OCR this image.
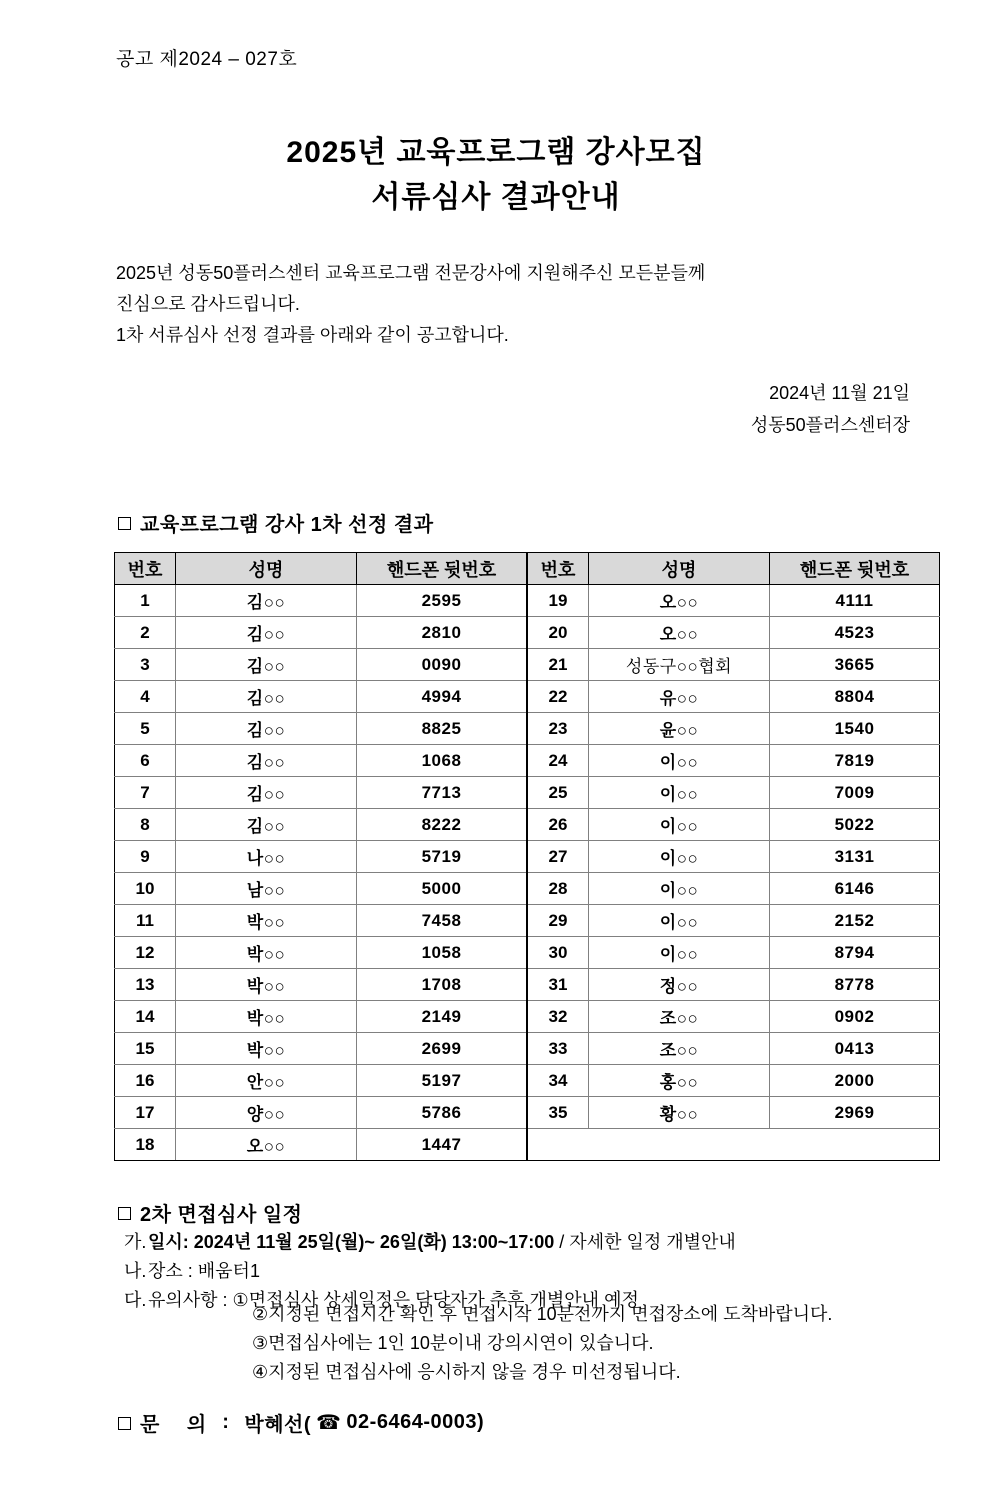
공고 제2024 – 027호
2025년 교육프로그램 강사모집
서류심사 결과안내
2025년 성동50플러스센터 교육프로그램 전문강사에 지원해주신 모든분들께
진심으로 감사드립니다.
1차 서류심사 선정 결과를 아래와 같이 공고합니다.
2024년 11월 21일
성동50플러스센터장
교육프로그램 강사 1차 선정 결과
번호	성명	핸드폰 뒷번호	번호	성명	핸드폰 뒷번호
1	김○○	2595	19	오○○	4111
2	김○○	2810	20	오○○	4523
3	김○○	0090	21	성동구○○협회	3665
4	김○○	4994	22	유○○	8804
5	김○○	8825	23	윤○○	1540
6	김○○	1068	24	이○○	7819
7	김○○	7713	25	이○○	7009
8	김○○	8222	26	이○○	5022
9	나○○	5719	27	이○○	3131
10	남○○	5000	28	이○○	6146
11	박○○	7458	29	이○○	2152
12	박○○	1058	30	이○○	8794
13	박○○	1708	31	정○○	8778
14	박○○	2149	32	조○○	0902
15	박○○	2699	33	조○○	0413
16	안○○	5197	34	홍○○	2000
17	양○○	5786	35	황○○	2969
18	오○○	1447			
2차 면접심사 일정
가.일시: 2024년 11월 25일(월)~ 26일(화) 13:00~17:00 / 자세한 일정 개별안내
나.장소 : 배움터1
다.유의사항 : ①면접심사 상세일정은 담당자가 추후 개별안내 예정
②지정된 면접시간 확인 후 면접시작 10분전까지 면접장소에 도착바랍니다.
③면접심사에는 1인 10분이내 강의시연이 있습니다.
④지정된 면접심사에 응시하지 않을 경우 미선정됩니다.
문 의 : 박혜선( ☎ 02-6464-0003)
